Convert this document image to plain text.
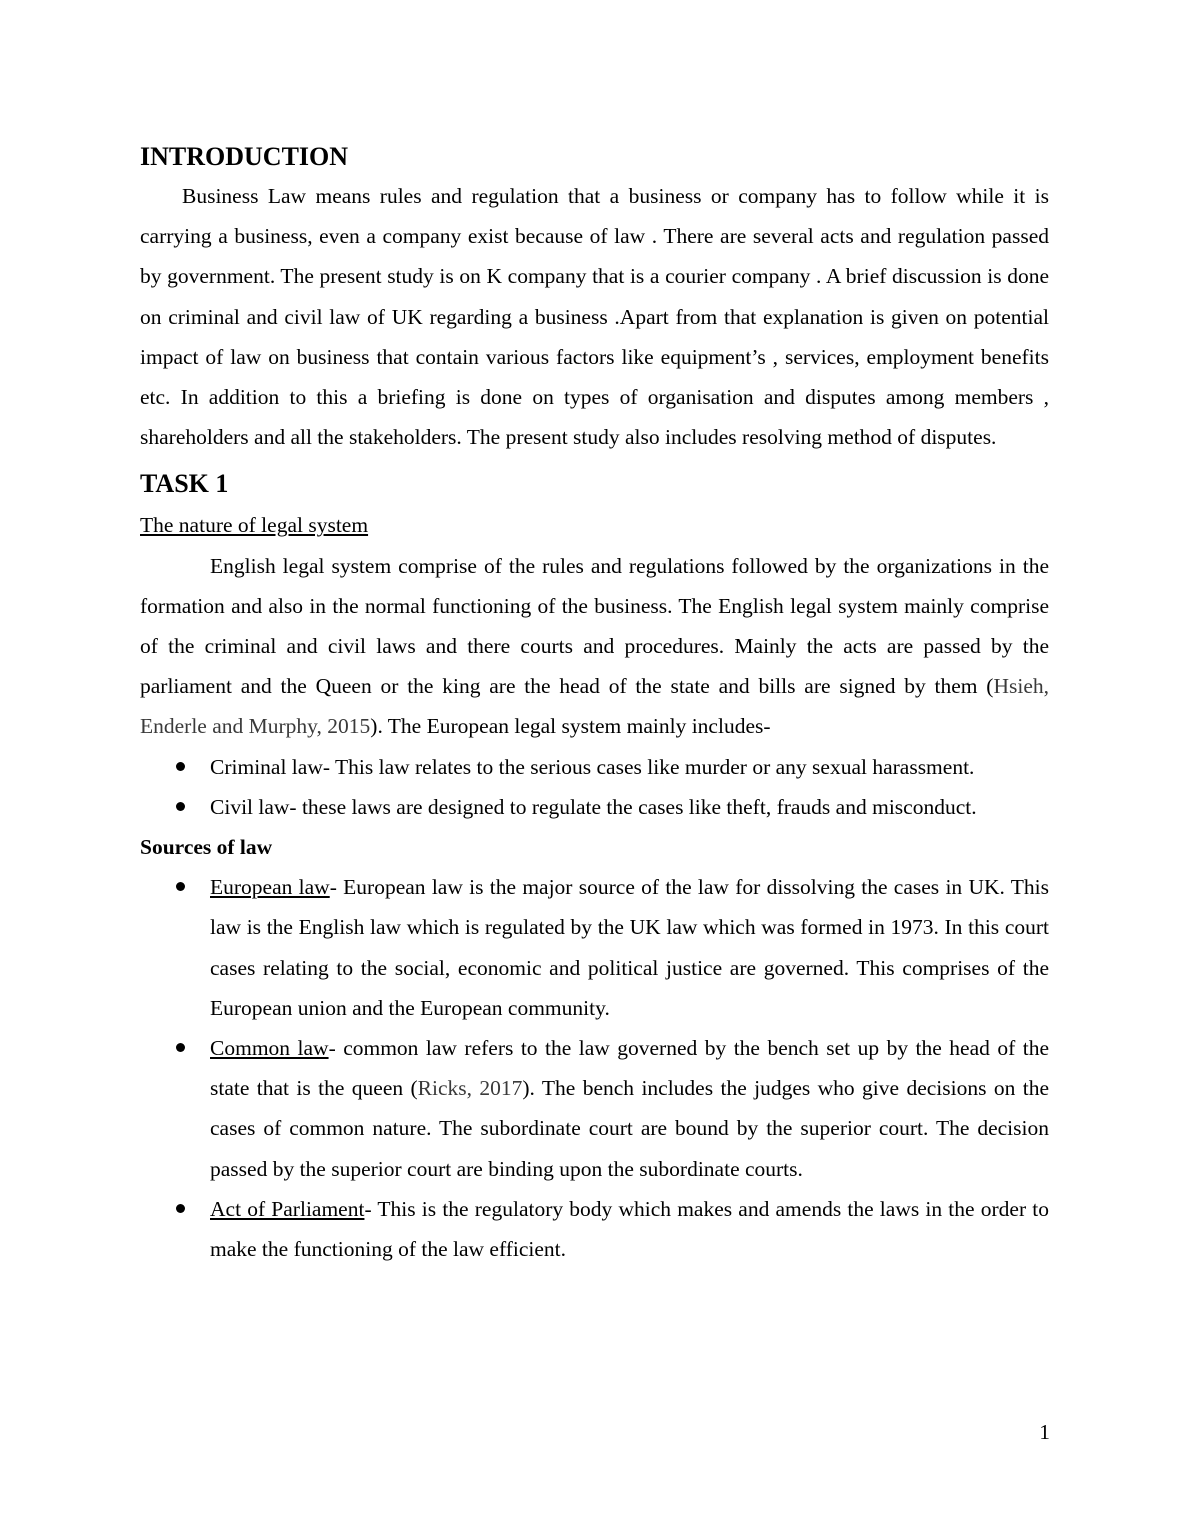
INTRODUCTION

Business Law means rules and regulation that a business or company has to follow while it is carrying a business, even a company exist because of law . There are several acts and regulation passed by government. The present study is on K company that is a courier company . A brief discussion is done on criminal and civil law of UK regarding a business .Apart from that explanation is given on potential impact of law on business that contain various factors like equipment’s , services, employment benefits etc. In addition to this a briefing is done on types of organisation and disputes among members , shareholders and all the stakeholders. The present study also includes resolving method of disputes.

TASK 1
The nature of legal system

English legal system comprise of the rules and regulations followed by the organizations in the formation and also in the normal functioning of the business. The English legal system mainly comprise of the criminal and civil laws and there courts and procedures. Mainly the acts are passed by the parliament and the Queen or the king are the head of the state and bills are signed by them (Hsieh, Enderle and Murphy, 2015). The European legal system mainly includes-

Criminal law- This law relates to the serious cases like murder or any sexual harassment.
Civil law- these laws are designed to regulate the cases like theft, frauds and misconduct.
Sources of law
European law- European law is the major source of the law for dissolving the cases in UK. This law is the English law which is regulated by the UK law which was formed in 1973. In this court cases relating to the social, economic and political justice are governed. This comprises of the European union and the European community.
Common law- common law refers to the law governed by the bench set up by the head of the state that is the queen (Ricks, 2017). The bench includes the judges who give decisions on the cases of common nature. The subordinate court are bound by the superior court. The decision passed by the superior court are binding upon the subordinate courts.
Act of Parliament- This is the regulatory body which makes and amends the laws in the order to make the functioning of the law efficient.
1
